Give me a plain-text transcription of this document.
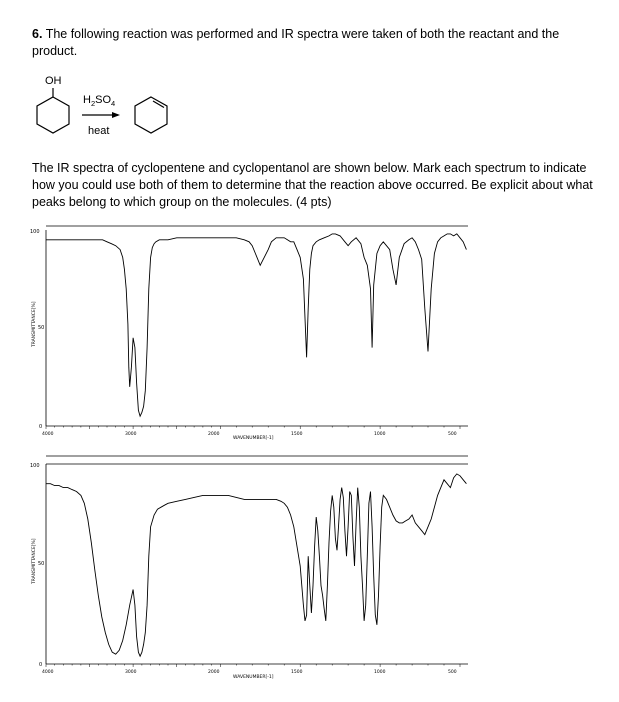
6. The following reaction was performed and IR spectra were taken of both the reactant and the product.
OH
$H_2SO_4$
heat
The IR spectra of cyclopentene and cyclopentanol are shown below. Mark each spectrum to indicate how you could use both of them to determine that the reaction above occurred. Be explicit about what peaks belong to which group on the molecules. (4 pts)
100
50
0
TRANSMITTANCE[%]
4000	3000	2000	1500	1000	500
WAVENUMBER[-1]
100
50
0
TRANSMITTANCE[%]
4000	3000	2000	1500	1000	500
WAVENUMBER[-1]
